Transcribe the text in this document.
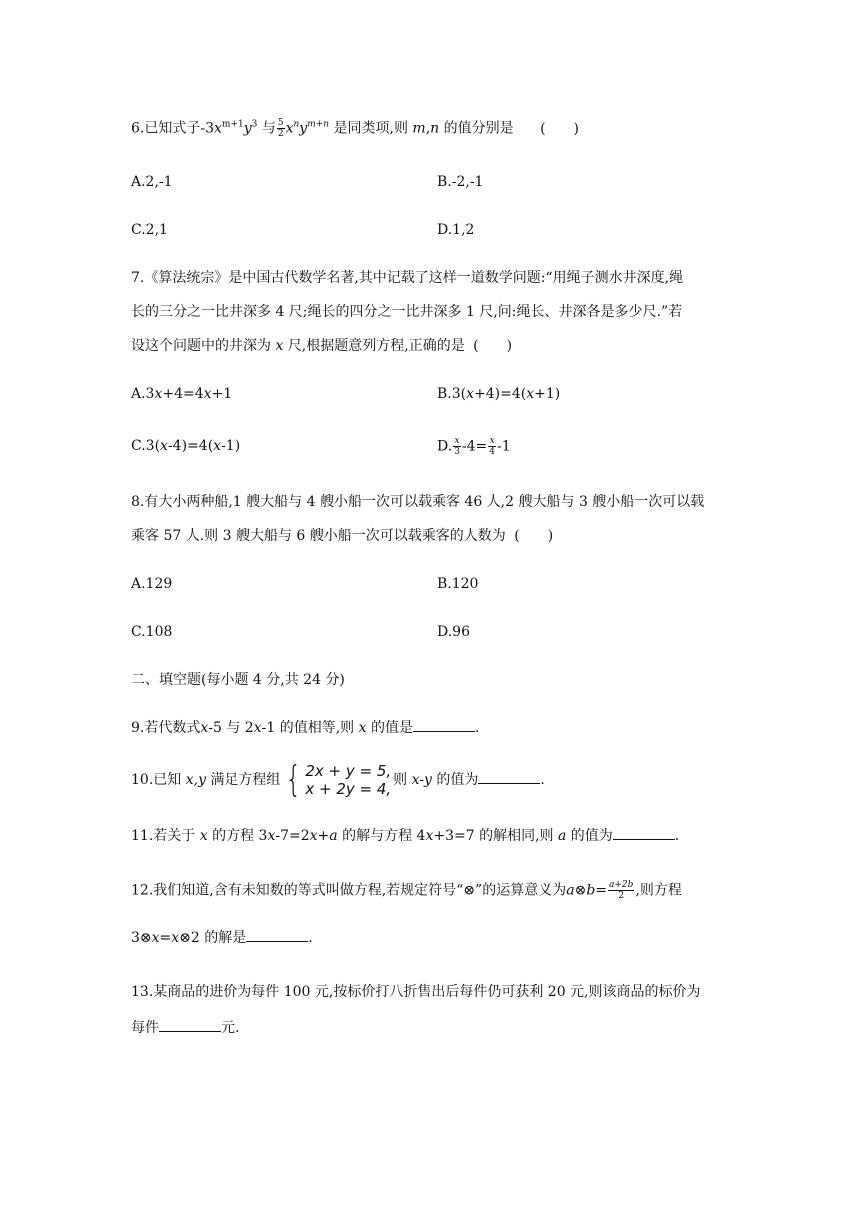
6.已知式子$-3x^{m+1}y^3$ 与 $\frac{5}{2} x^ny^{m+n}$ 是同类项,则 m,n 的值分别是 (　　)
A.2,-1	B.-2,-1
C.2,1	D.1,2
7.《算法统宗》是中国古代数学名著,其中记载了这样一道数学问题:“用绳子测水井深度,绳
长的三分之一比井深多 4 尺;绳长的四分之一比井深多 1 尺,问:绳长、井深各是多少尺.”若
设这个问题中的井深为 x 尺,根据题意列方程,正确的是 (　　)
A.3x+4=4x+1	B.3(x+4)=4(x+1)
C.3(x-4)=4(x-1)	D. $\frac{x}{3} -4= \frac{x}{4} -1$
8.有大小两种船,1 艘大船与 4 艘小船一次可以载乘客 46 人,2 艘大船与 3 艘小船一次可以载
乘客 57 人.则 3 艘大船与 6 艘小船一次可以载乘客的人数为 (　　)
A.129	B.120
C.108	D.96
二、填空题(每小题 4 分,共 24 分)
9.若代数式x-5 与 2x-1 的值相等,则 x 的值是	.
10.已知 x,y 满足方程组 { 2x + y = 5,
x + 2y = 4, 则 x-y 的值为	.
11.若关于 x 的方程 3x-7=2x+a 的解与方程 4x+3=7 的解相同,则 a 的值为	.
12.我们知道,含有未知数的等式叫做方程,若规定符号“⊗”的运算意义为a⊗b= $\frac{a+2b}{2}$ ,则方程
3⊗x=x⊗2 的解是	.
13.某商品的进价为每件 100 元,按标价打八折售出后每件仍可获利 20 元,则该商品的标价为
每件	元.
